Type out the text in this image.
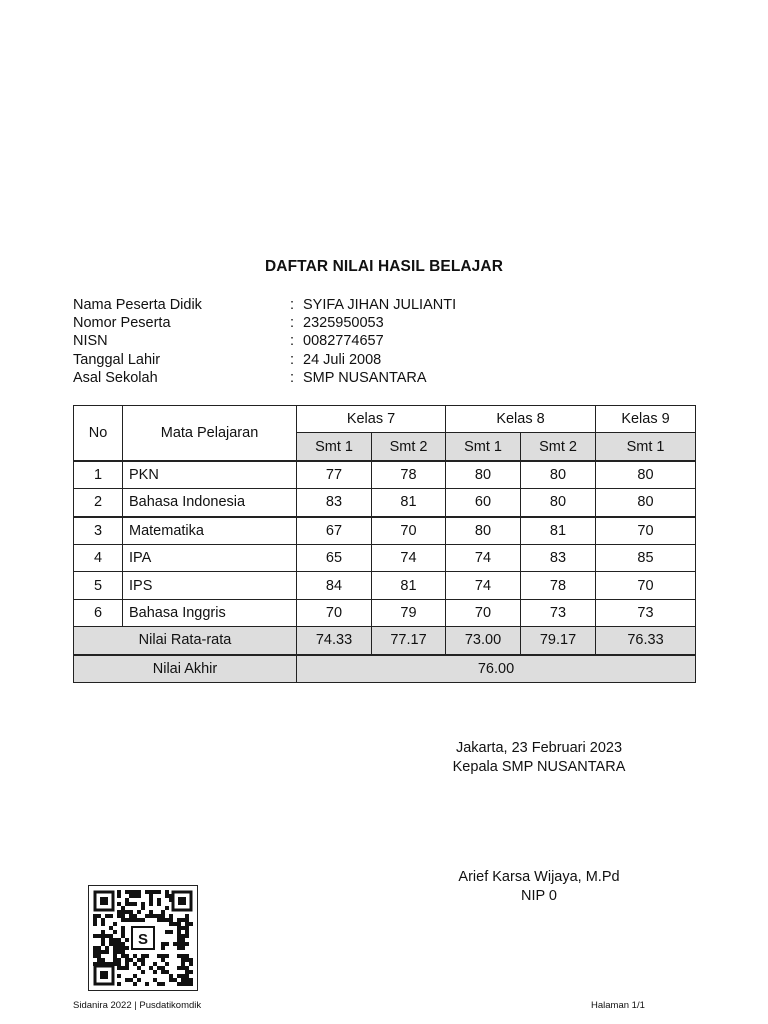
DAFTAR NILAI HASIL BELAJAR
Nama Peserta Didik	: SYIFA JIHAN JULIANTI
Nomor Peserta	: 2325950053
NISN	: 0082774657
Tanggal Lahir	: 24 Juli 2008
Asal Sekolah	: SMP NUSANTARA
No	Mata Pelajaran	Kelas 7		Kelas 8		Kelas 9
		Smt 1	Smt 2	Smt 1	Smt 2	Smt 1
1	PKN	77	78	80	80	80
2	Bahasa Indonesia	83	81	60	80	80
3	Matematika	67	70	80	81	70
4	IPA	65	74	74	83	85
5	IPS	84	81	74	78	70
6	Bahasa Inggris	70	79	70	73	73
Nilai Rata-rata		74.33	77.17	73.00	79.17	76.33
Nilai Akhir		76.00				
Jakarta, 23 Februari 2023
Kepala SMP NUSANTARA
Arief Karsa Wijaya, M.Pd
NIP 0
S
Sidanira 2022 | Pusdatikomdik	Halaman 1/1
